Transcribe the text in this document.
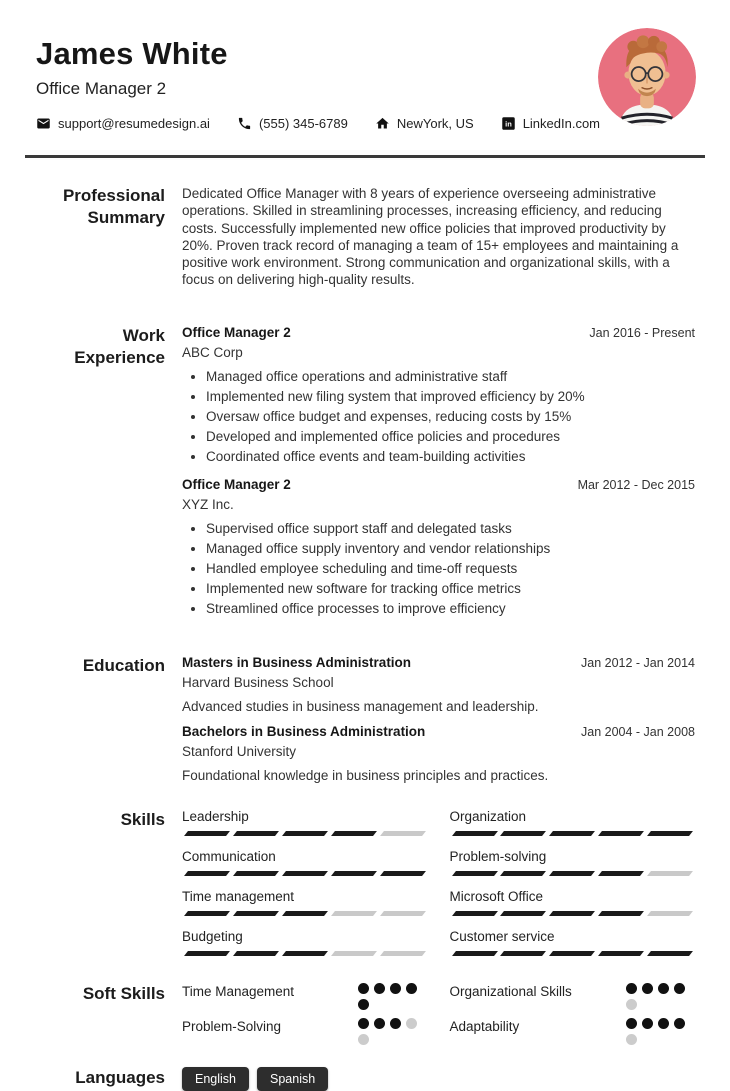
James White
Office Manager 2
support@resumedesign.ai	(555) 345-6789	NewYork, US	in LinkedIn.com
Professional Summary
Dedicated Office Manager with 8 years of experience overseeing administrative operations. Skilled in streamlining processes, increasing efficiency, and reducing costs. Successfully implemented new office policies that improved productivity by 20%. Proven track record of managing a team of 15+ employees and maintaining a positive work environment. Strong communication and organizational skills, with a focus on delivering high-quality results.
Work Experience
Office Manager 2	Jan 2016 - Present
ABC Corp
• Managed office operations and administrative staff
• Implemented new filing system that improved efficiency by 20%
• Oversaw office budget and expenses, reducing costs by 15%
• Developed and implemented office policies and procedures
• Coordinated office events and team-building activities
Office Manager 2	Mar 2012 - Dec 2015
XYZ Inc.
• Supervised office support staff and delegated tasks
• Managed office supply inventory and vendor relationships
• Handled employee scheduling and time-off requests
• Implemented new software for tracking office metrics
• Streamlined office processes to improve efficiency
Education Masters in Business Administration	Jan 2012 - Jan 2014
Harvard Business School
Advanced studies in business management and leadership.
Bachelors in Business Administration	Jan 2004 - Jan 2008
Stanford University
Foundational knowledge in business principles and practices.
Skills Leadership	Organization
Communication	Problem-solving
Time management	Microsoft Office
Budgeting	Customer service
Soft Skills Time Management	Organizational Skills
Problem-Solving	Adaptability
Languages	English	Spanish
